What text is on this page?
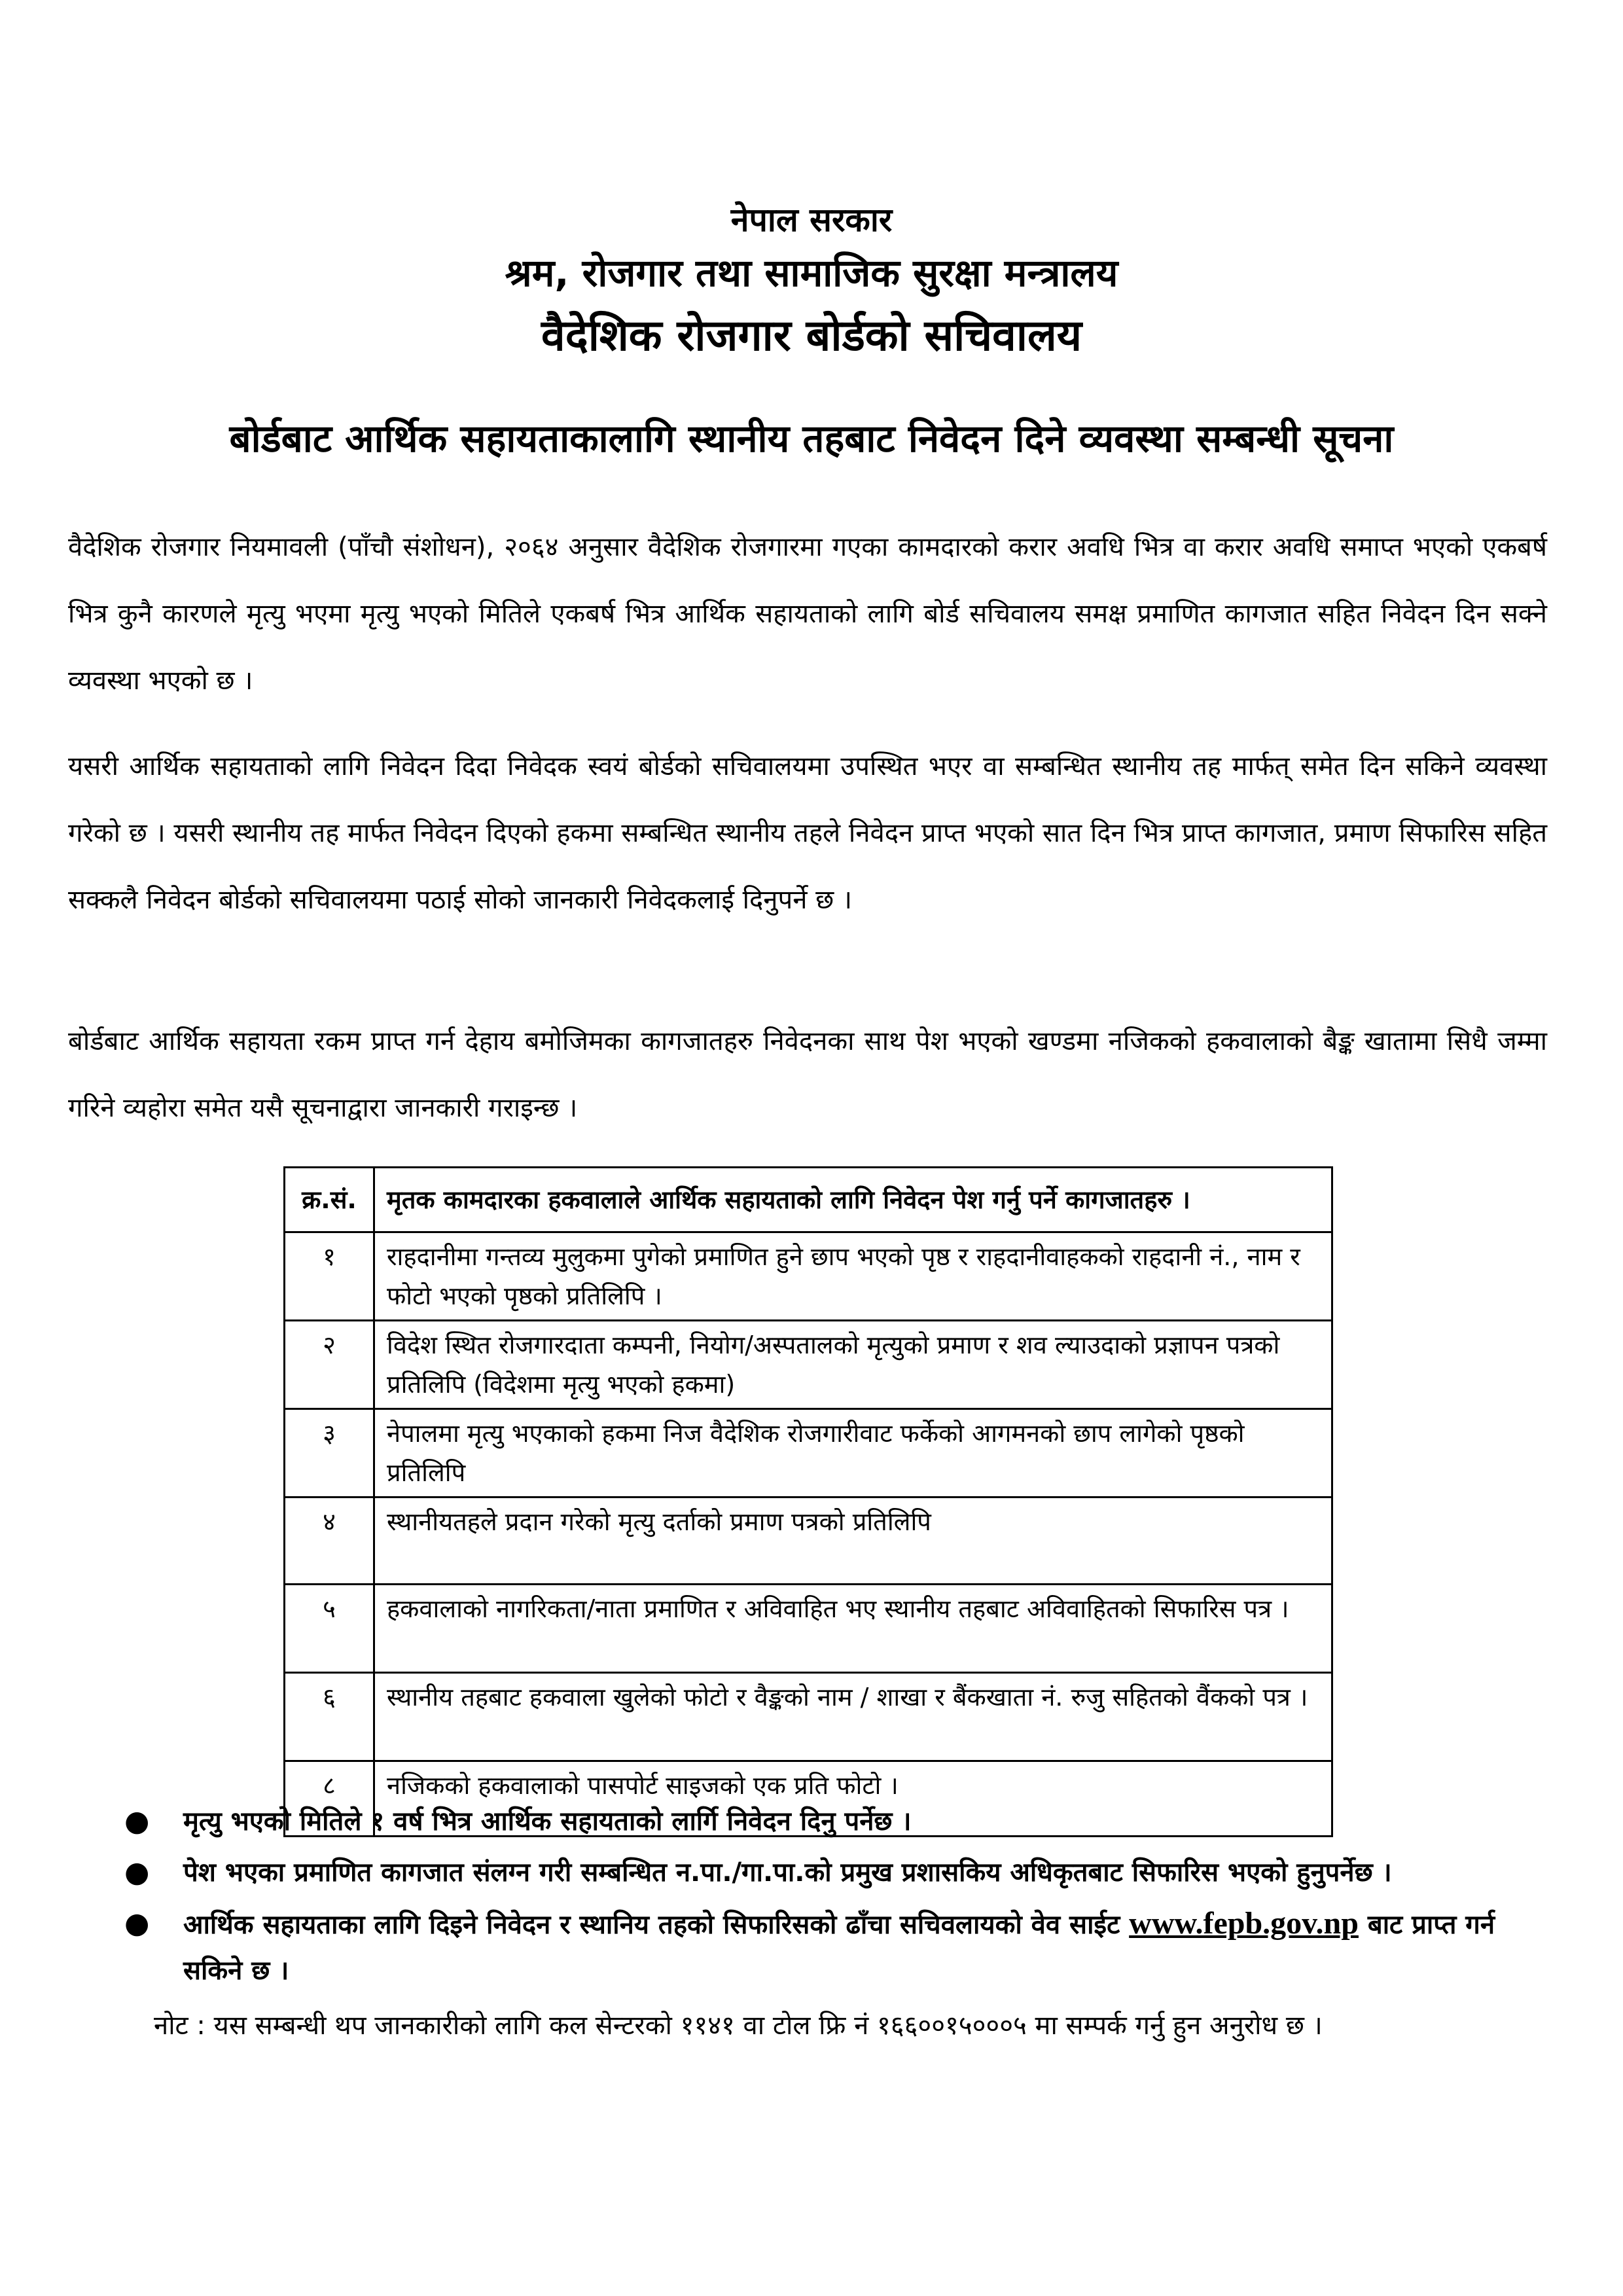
नेपाल सरकार
श्रम, रोजगार तथा सामाजिक सुरक्षा मन्त्रालय
वैदेशिक रोजगार बोर्डको सचिवालय
बोर्डबाट आर्थिक सहायताकालागि स्थानीय तहबाट निवेदन दिने व्यवस्था सम्बन्धी सूचना

वैदेशिक रोजगार नियमावली (पाँचौ संशोधन), २०६४ अनुसार वैदेशिक रोजगारमा गएका कामदारको करार अवधि भित्र वा करार अवधि समाप्त भएको एकबर्ष भित्र कुनै कारणले मृत्यु भएमा मृत्यु भएको मितिले एकबर्ष भित्र आर्थिक सहायताको लागि बोर्ड सचिवालय समक्ष प्रमाणित कागजात सहित निवेदन दिन सक्ने व्यवस्था भएको छ ।

यसरी आर्थिक सहायताको लागि निवेदन दिदा निवेदक स्वयं बोर्डको सचिवालयमा उपस्थित भएर वा सम्बन्धित स्थानीय तह मार्फत् समेत दिन सकिने व्यवस्था गरेको छ । यसरी स्थानीय तह मार्फत निवेदन दिएको हकमा सम्बन्धित स्थानीय तहले निवेदन प्राप्त भएको सात दिन भित्र प्राप्त कागजात, प्रमाण सिफारिस सहित सक्कलै निवेदन बोर्डको सचिवालयमा पठाई सोको जानकारी निवेदकलाई दिनुपर्ने छ ।

बोर्डबाट आर्थिक सहायता रकम प्राप्त गर्न देहाय बमोजिमका कागजातहरु निवेदनका साथ पेश भएको खण्डमा नजिकको हकवालाको बैङ्क खातामा सिधै जम्मा गरिने व्यहोरा समेत यसै सूचनाद्वारा जानकारी गराइन्छ ।

क्र.सं.	मृतक कामदारका हकवालाले आर्थिक सहायताको लागि निवेदन पेश गर्नु पर्ने कागजातहरु ।
१	राहदानीमा गन्तव्य मुलुकमा पुगेको प्रमाणित हुने छाप भएको पृष्ठ र राहदानीवाहकको राहदानी नं., नाम र फोटो भएको पृष्ठको प्रतिलिपि ।
२	विदेश स्थित रोजगारदाता कम्पनी, नियोग/अस्पतालको मृत्युको प्रमाण र शव ल्याउदाको प्रज्ञापन पत्रको प्रतिलिपि (विदेशमा मृत्यु भएको हकमा)
३	नेपालमा मृत्यु भएकाको हकमा निज वैदेशिक रोजगारीवाट फर्केको आगमनको छाप लागेको पृष्ठको प्रतिलिपि
४	स्थानीयतहले प्रदान गरेको मृत्यु दर्ताको प्रमाण पत्रको प्रतिलिपि
५	हकवालाको नागरिकता/नाता प्रमाणित र अविवाहित भए स्थानीय तहबाट अविवाहितको सिफारिस पत्र ।
६	स्थानीय तहबाट हकवाला खुलेको फोटो र वैङ्कको नाम / शाखा र बैंकखाता नं. रुजु सहितको वैंकको पत्र ।
८	नजिकको हकवालाको पासपोर्ट साइजको एक प्रति फोटो ।
● मृत्यु भएको मितिले १ वर्ष भित्र आर्थिक सहायताको लार्गि निवेदन दिनु पर्नेछ ।
● पेश भएका प्रमाणित कागजात संलग्न गरी सम्बन्धित न.पा./गा.पा.को प्रमुख प्रशासकिय अधिकृतबाट सिफारिस भएको हुनुपर्नेछ ।
● आर्थिक सहायताका लागि दिइने निवेदन र स्थानिय तहको सिफारिसको ढाँचा सचिवलायको वेव साईट www.fepb.gov.np बाट प्राप्त गर्न सकिने छ ।
नोट : यस सम्बन्धी थप जानकारीको लागि कल सेन्टरको ११४१ वा टोल फ्रि नं १६६००१५०००५ मा सम्पर्क गर्नु हुन अनुरोध छ ।
